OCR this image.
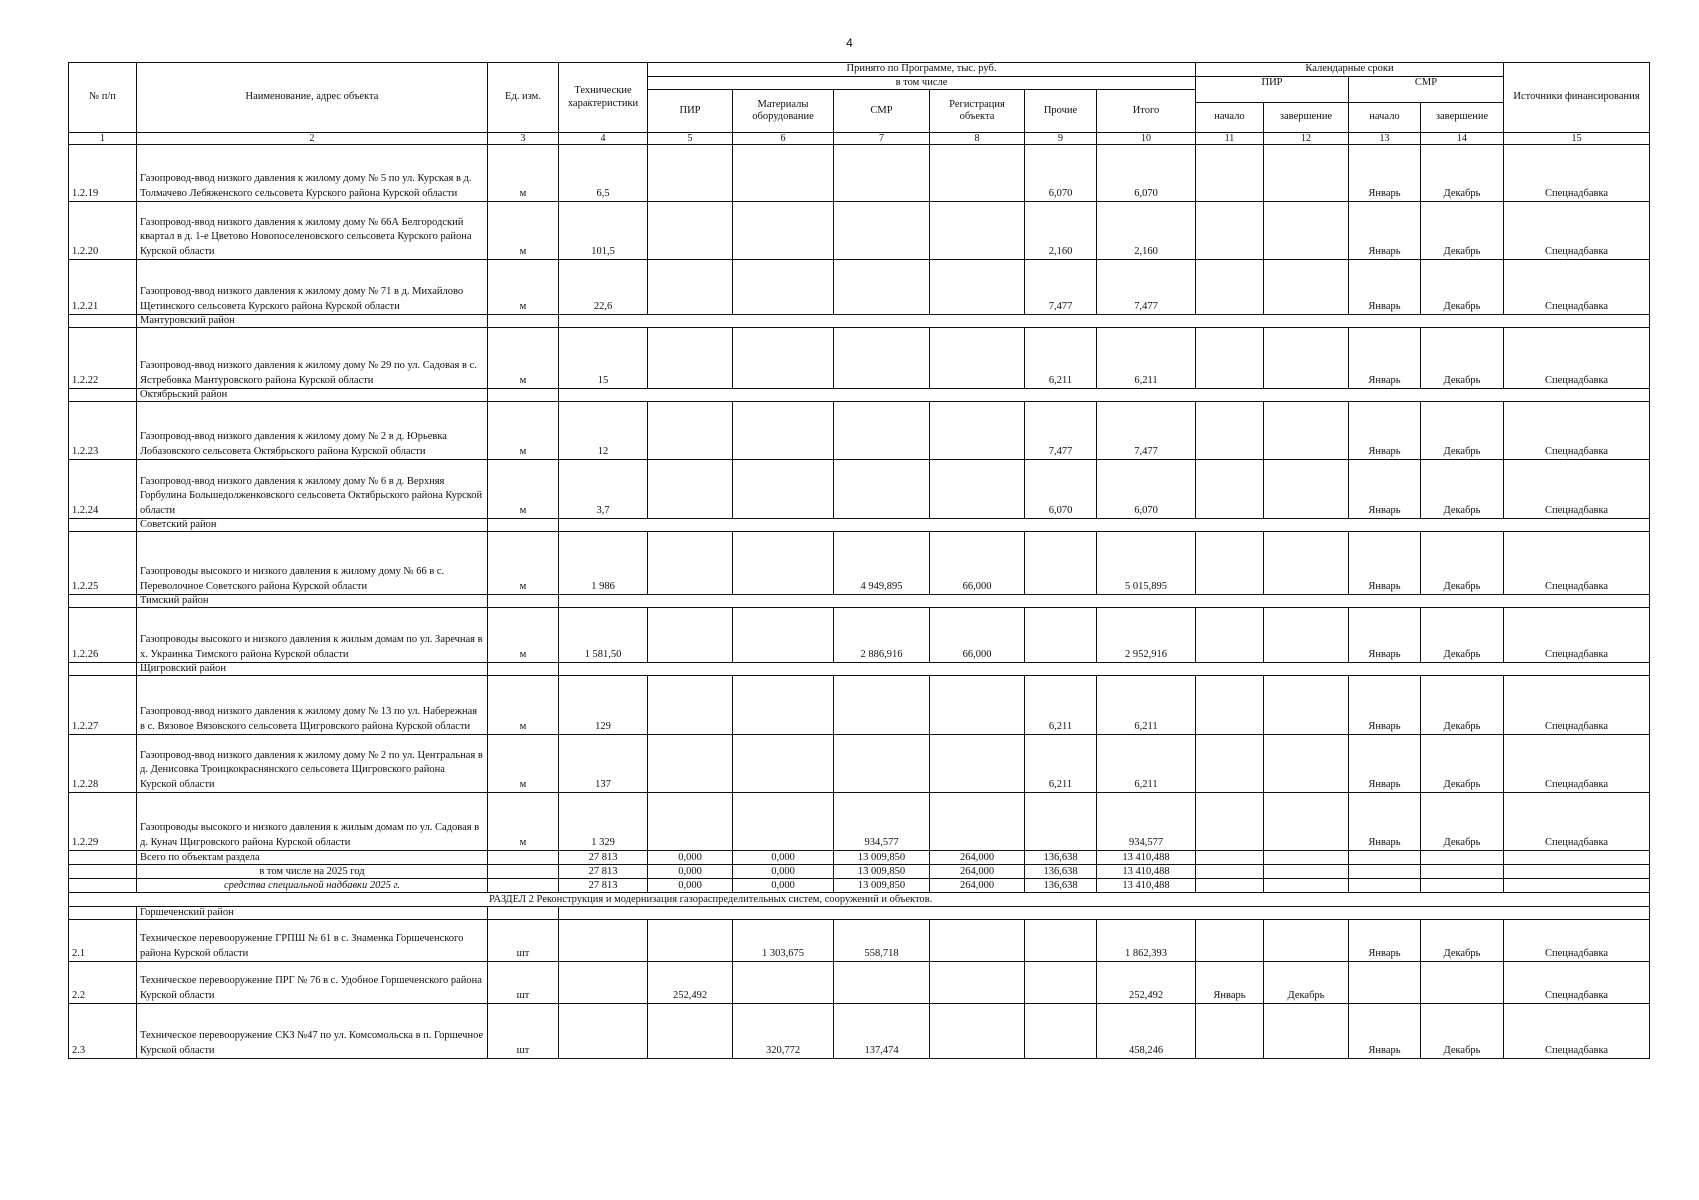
4
№ п/п	Наименование, адрес объекта	Ед. изм.	Технические характеристики	Принято по Программе, тыс. руб.						Календарные сроки				Источники финансирования
				в том числе						ПИР		СМР		
				ПИР	Материалы оборудование	СМР	Регистрация объекта	Прочие	Итого					
										начало	завершение	начало	завершение	
1	2	3	4	5	6	7	8	9	10	11	12	13	14	15
1.2.19	Газопровод-ввод низкого давления к жилому дому № 5 по ул. Курская в д. Толмачево Лебяженского сельсовета Курского района Курской области	м	6,5					6,070	6,070			Январь	Декабрь	Спецнадбавка
1.2.20	Газопровод-ввод низкого давления к жилому дому № 66А Белгородский квартал в д. 1-е Цветово Новопоселеновского сельсовета Курского района Курской области	м	101,5					2,160	2,160			Январь	Декабрь	Спецнадбавка
1.2.21	Газопровод-ввод низкого давления к жилому дому № 71 в д. Михайлово Щетинского сельсовета Курского района Курской области	м	22,6					7,477	7,477			Январь	Декабрь	Спецнадбавка
	Мантуровский район													
1.2.22	Газопровод-ввод низкого давления к жилому дому № 29 по ул. Садовая в с. Ястребовка Мантуровского района Курской области	м	15					6,211	6,211			Январь	Декабрь	Спецнадбавка
	Октябрьский район													
1.2.23	Газопровод-ввод низкого давления к жилому дому № 2 в д. Юрьевка Лобазовского сельсовета Октябрьского района Курской области	м	12					7,477	7,477			Январь	Декабрь	Спецнадбавка
1.2.24	Газопровод-ввод низкого давления к жилому дому № 6 в д. Верхняя Горбулина Большедолженковского сельсовета Октябрьского района Курской области	м	3,7					6,070	6,070			Январь	Декабрь	Спецнадбавка
	Советский район													
1.2.25	Газопроводы высокого и низкого давления к жилому дому № 66 в с. Переволочное Советского района Курской области	м	1 986			4 949,895	66,000		5 015,895			Январь	Декабрь	Спецнадбавка
	Тимский район													
1.2.26	Газопроводы высокого и низкого давления к жилым домам по ул. Заречная в х. Украинка Тимского района Курской области	м	1 581,50			2 886,916	66,000		2 952,916			Январь	Декабрь	Спецнадбавка
	Щигровский район													
1.2.27	Газопровод-ввод низкого давления к жилому дому № 13 по ул. Набережная в с. Вязовое Вязовского сельсовета Щигровского района Курской области	м	129					6,211	6,211			Январь	Декабрь	Спецнадбавка
1.2.28	Газопровод-ввод низкого давления к жилому дому № 2 по ул. Центральная в д. Денисовка Троицкокраснянского сельсовета Щигровского района Курской области	м	137					6,211	6,211			Январь	Декабрь	Спецнадбавка
1.2.29	Газопроводы высокого и низкого давления к жилым домам по ул. Садовая в д. Кунач Щигровского района Курской области	м	1 329			934,577			934,577			Январь	Декабрь	Спецнадбавка
	Всего по объектам раздела		27 813	0,000	0,000	13 009,850	264,000	136,638	13 410,488					
	в том числе на 2025 год		27 813	0,000	0,000	13 009,850	264,000	136,638	13 410,488					
	средства специальной надбавки 2025 г.		27 813	0,000	0,000	13 009,850	264,000	136,638	13 410,488					
РАЗДЕЛ 2 Реконструкция и модернизация газораспределительных систем, сооружений и объектов.														
	Горшеченский район													
2.1	Техническое перевооружение ГРПШ № 61 в с. Знаменка Горшеченского района Курской области	шт			1 303,675	558,718			1 862,393			Январь	Декабрь	Спецнадбавка
2.2	Техническое перевооружение ПРГ № 76 в с. Удобное Горшеченского района Курской области	шт		252,492					252,492	Январь	Декабрь			Спецнадбавка
2.3	Техническое перевооружение СКЗ №47 по ул. Комсомольска в п. Горшечное Курской области	шт			320,772	137,474			458,246			Январь	Декабрь	Спецнадбавка
